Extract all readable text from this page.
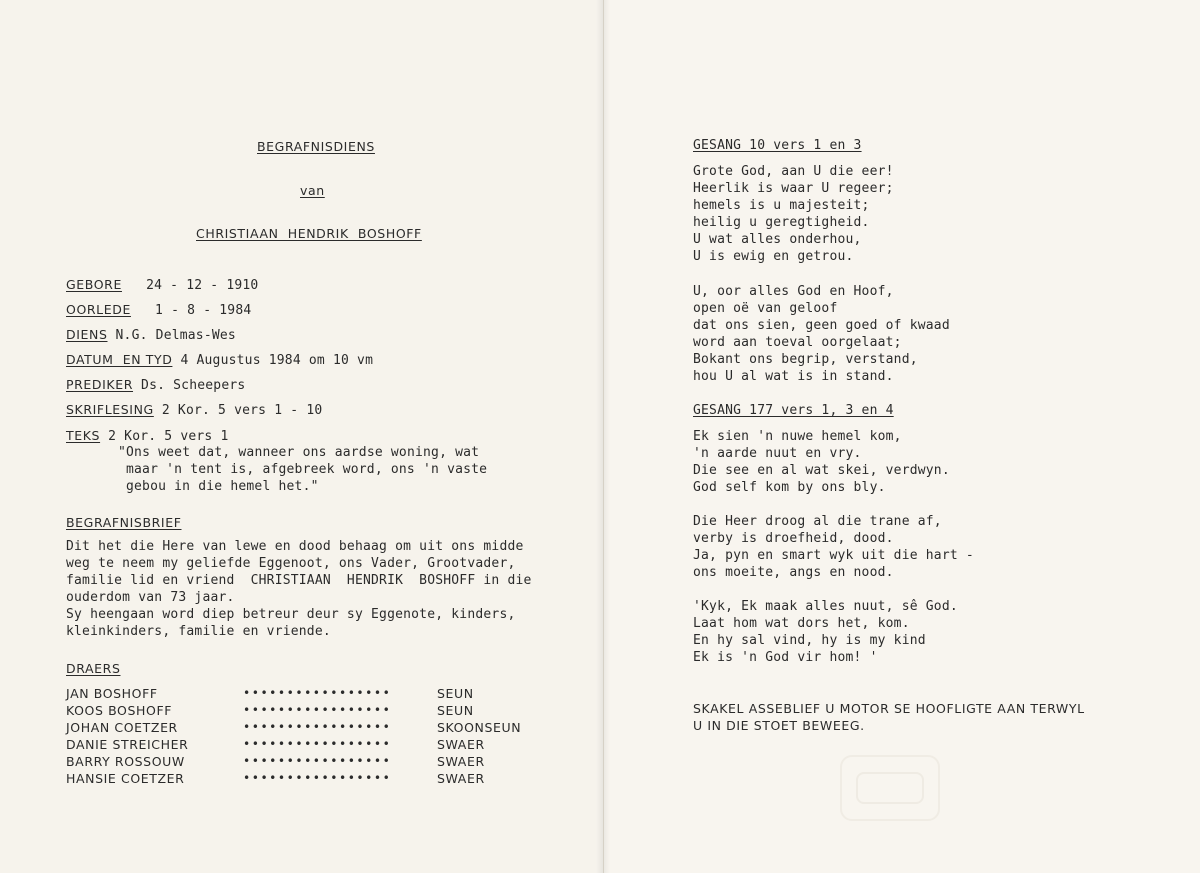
BEGRAFNISDIENS
van
CHRISTIAAN  HENDRIK  BOSHOFF
GEBORE 24 - 12 - 1910
OORLEDE 1 - 8 - 1984
DIENS N.G. Delmas-Wes
DATUM  EN TYD 4 Augustus 1984 om 10 vm
PREDIKER Ds. Scheepers
SKRIFLESING 2 Kor. 5 vers 1 - 10
TEKS 2 Kor. 5 vers 1
"Ons weet dat, wanneer ons aardse woning, wat
maar 'n tent is, afgebreek word, ons 'n vaste
gebou in die hemel het."
BEGRAFNISBRIEF
Dit het die Here van lewe en dood behaag om uit ons midde
weg te neem my geliefde Eggenoot, ons Vader, Grootvader,
familie lid en vriend  CHRISTIAAN  HENDRIK  BOSHOFF in die
ouderdom van 73 jaar.
Sy heengaan word diep betreur deur sy Eggenote, kinders,
kleinkinders, familie en vriende.
DRAERS
JAN BOSHOFF	•••••••••••••••••	SEUN
KOOS BOSHOFF	•••••••••••••••••	SEUN
JOHAN COETZER	•••••••••••••••••	SKOONSEUN
DANIE STREICHER	•••••••••••••••••	SWAER
BARRY ROSSOUW	•••••••••••••••••	SWAER
HANSIE COETZER	•••••••••••••••••	SWAER
GESANG 10 vers 1 en 3
Grote God, aan U die eer!
Heerlik is waar U regeer;
hemels is u majesteit;
heilig u geregtigheid.
U wat alles onderhou,
U is ewig en getrou.
U, oor alles God en Hoof,
open oë van geloof
dat ons sien, geen goed of kwaad
word aan toeval oorgelaat;
Bokant ons begrip, verstand,
hou U al wat is in stand.
GESANG 177 vers 1, 3 en 4
Ek sien 'n nuwe hemel kom,
'n aarde nuut en vry.
Die see en al wat skei, verdwyn.
God self kom by ons bly.
Die Heer droog al die trane af,
verby is droefheid, dood.
Ja, pyn en smart wyk uit die hart -
ons moeite, angs en nood.
'Kyk, Ek maak alles nuut, sê God.
Laat hom wat dors het, kom.
En hy sal vind, hy is my kind
Ek is 'n God vir hom! '
SKAKEL ASSEBLIEF U MOTOR SE HOOFLIGTE AAN TERWYL
U IN DIE STOET BEWEEG.
